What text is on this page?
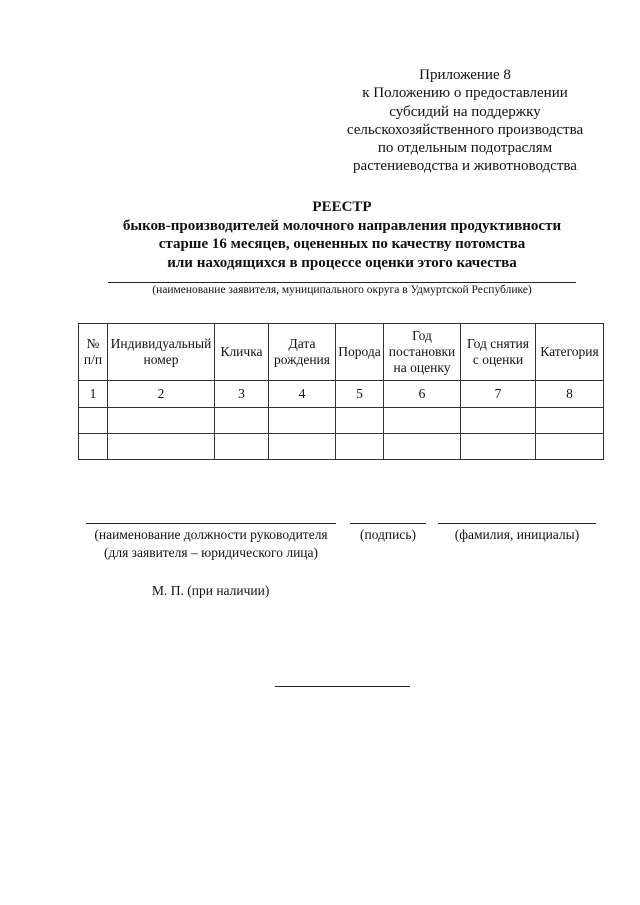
Приложение 8
к Положению о предоставлении
субсидий на поддержку
сельскохозяйственного производства
по отдельным подотраслям
растениеводства и животноводства
РЕЕСТР
быков-производителей молочного направления продуктивности
старше 16 месяцев, оцененных по качеству потомства
или находящихся в процессе оценки этого качества
(наименование заявителя, муниципального округа в Удмуртской Республике)
№ п/п	Индивидуальный номер	Кличка	Дата рождения	Порода	Год постановки на оценку	Год снятия с оценки	Категория
1	2	3	4	5	6	7	8

(наименование должности руководителя
(для заявителя – юридического лица)
(подпись)	(фамилия, инициалы)
М. П. (при наличии)
